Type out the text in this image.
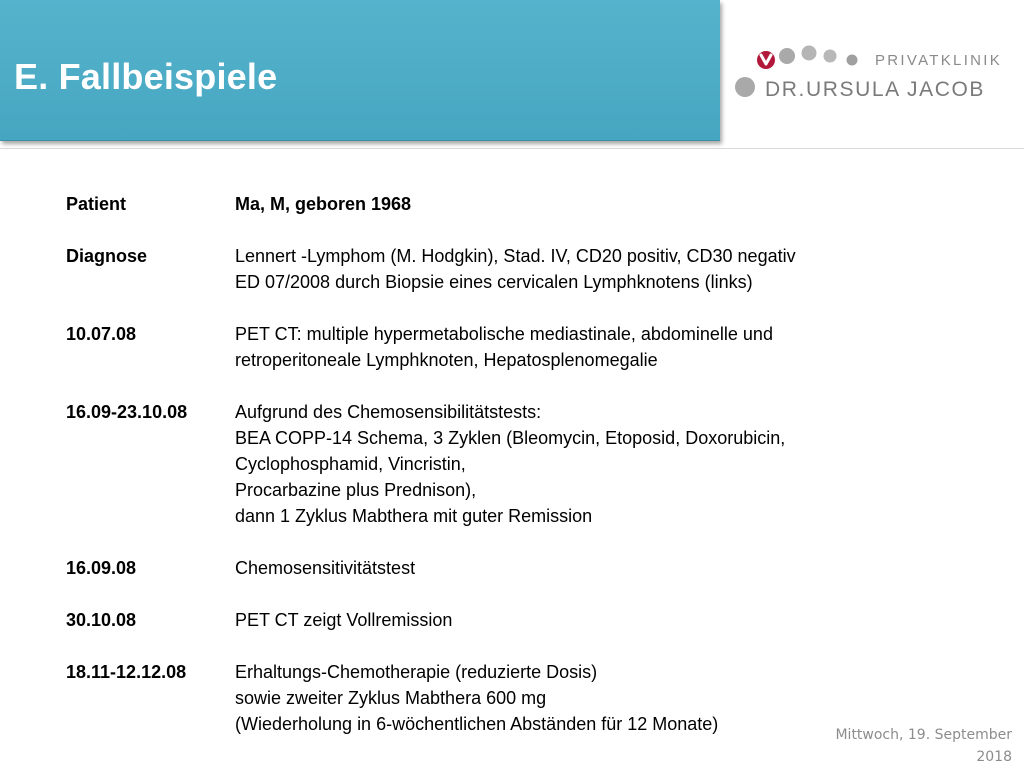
E. Fallbeispiele	PRIVATKLINIK
DR.URSULA JACOB
Patient	Ma, M, geboren 1968
Diagnose	Lennert -Lymphom (M. Hodgkin), Stad. IV, CD20 positiv, CD30 negativ
ED 07/2008 durch Biopsie eines cervicalen Lymphknotens (links)
10.07.08	PET CT: multiple hypermetabolische mediastinale, abdominelle und
retroperitoneale Lymphknoten, Hepatosplenomegalie
16.09-23.10.08	Aufgrund des Chemosensibilitätstests:
BEA COPP-14 Schema, 3 Zyklen (Bleomycin, Etoposid, Doxorubicin,
Cyclophosphamid, Vincristin,
Procarbazine plus Prednison),
dann 1 Zyklus Mabthera mit guter Remission
16.09.08	Chemosensitivitätstest
30.10.08	PET CT zeigt Vollremission
18.11-12.12.08	Erhaltungs-Chemotherapie (reduzierte Dosis)
sowie zweiter Zyklus Mabthera 600 mg
(Wiederholung in 6-wöchentlichen Abständen für 12 Monate)
Mittwoch, 19. September
2018
